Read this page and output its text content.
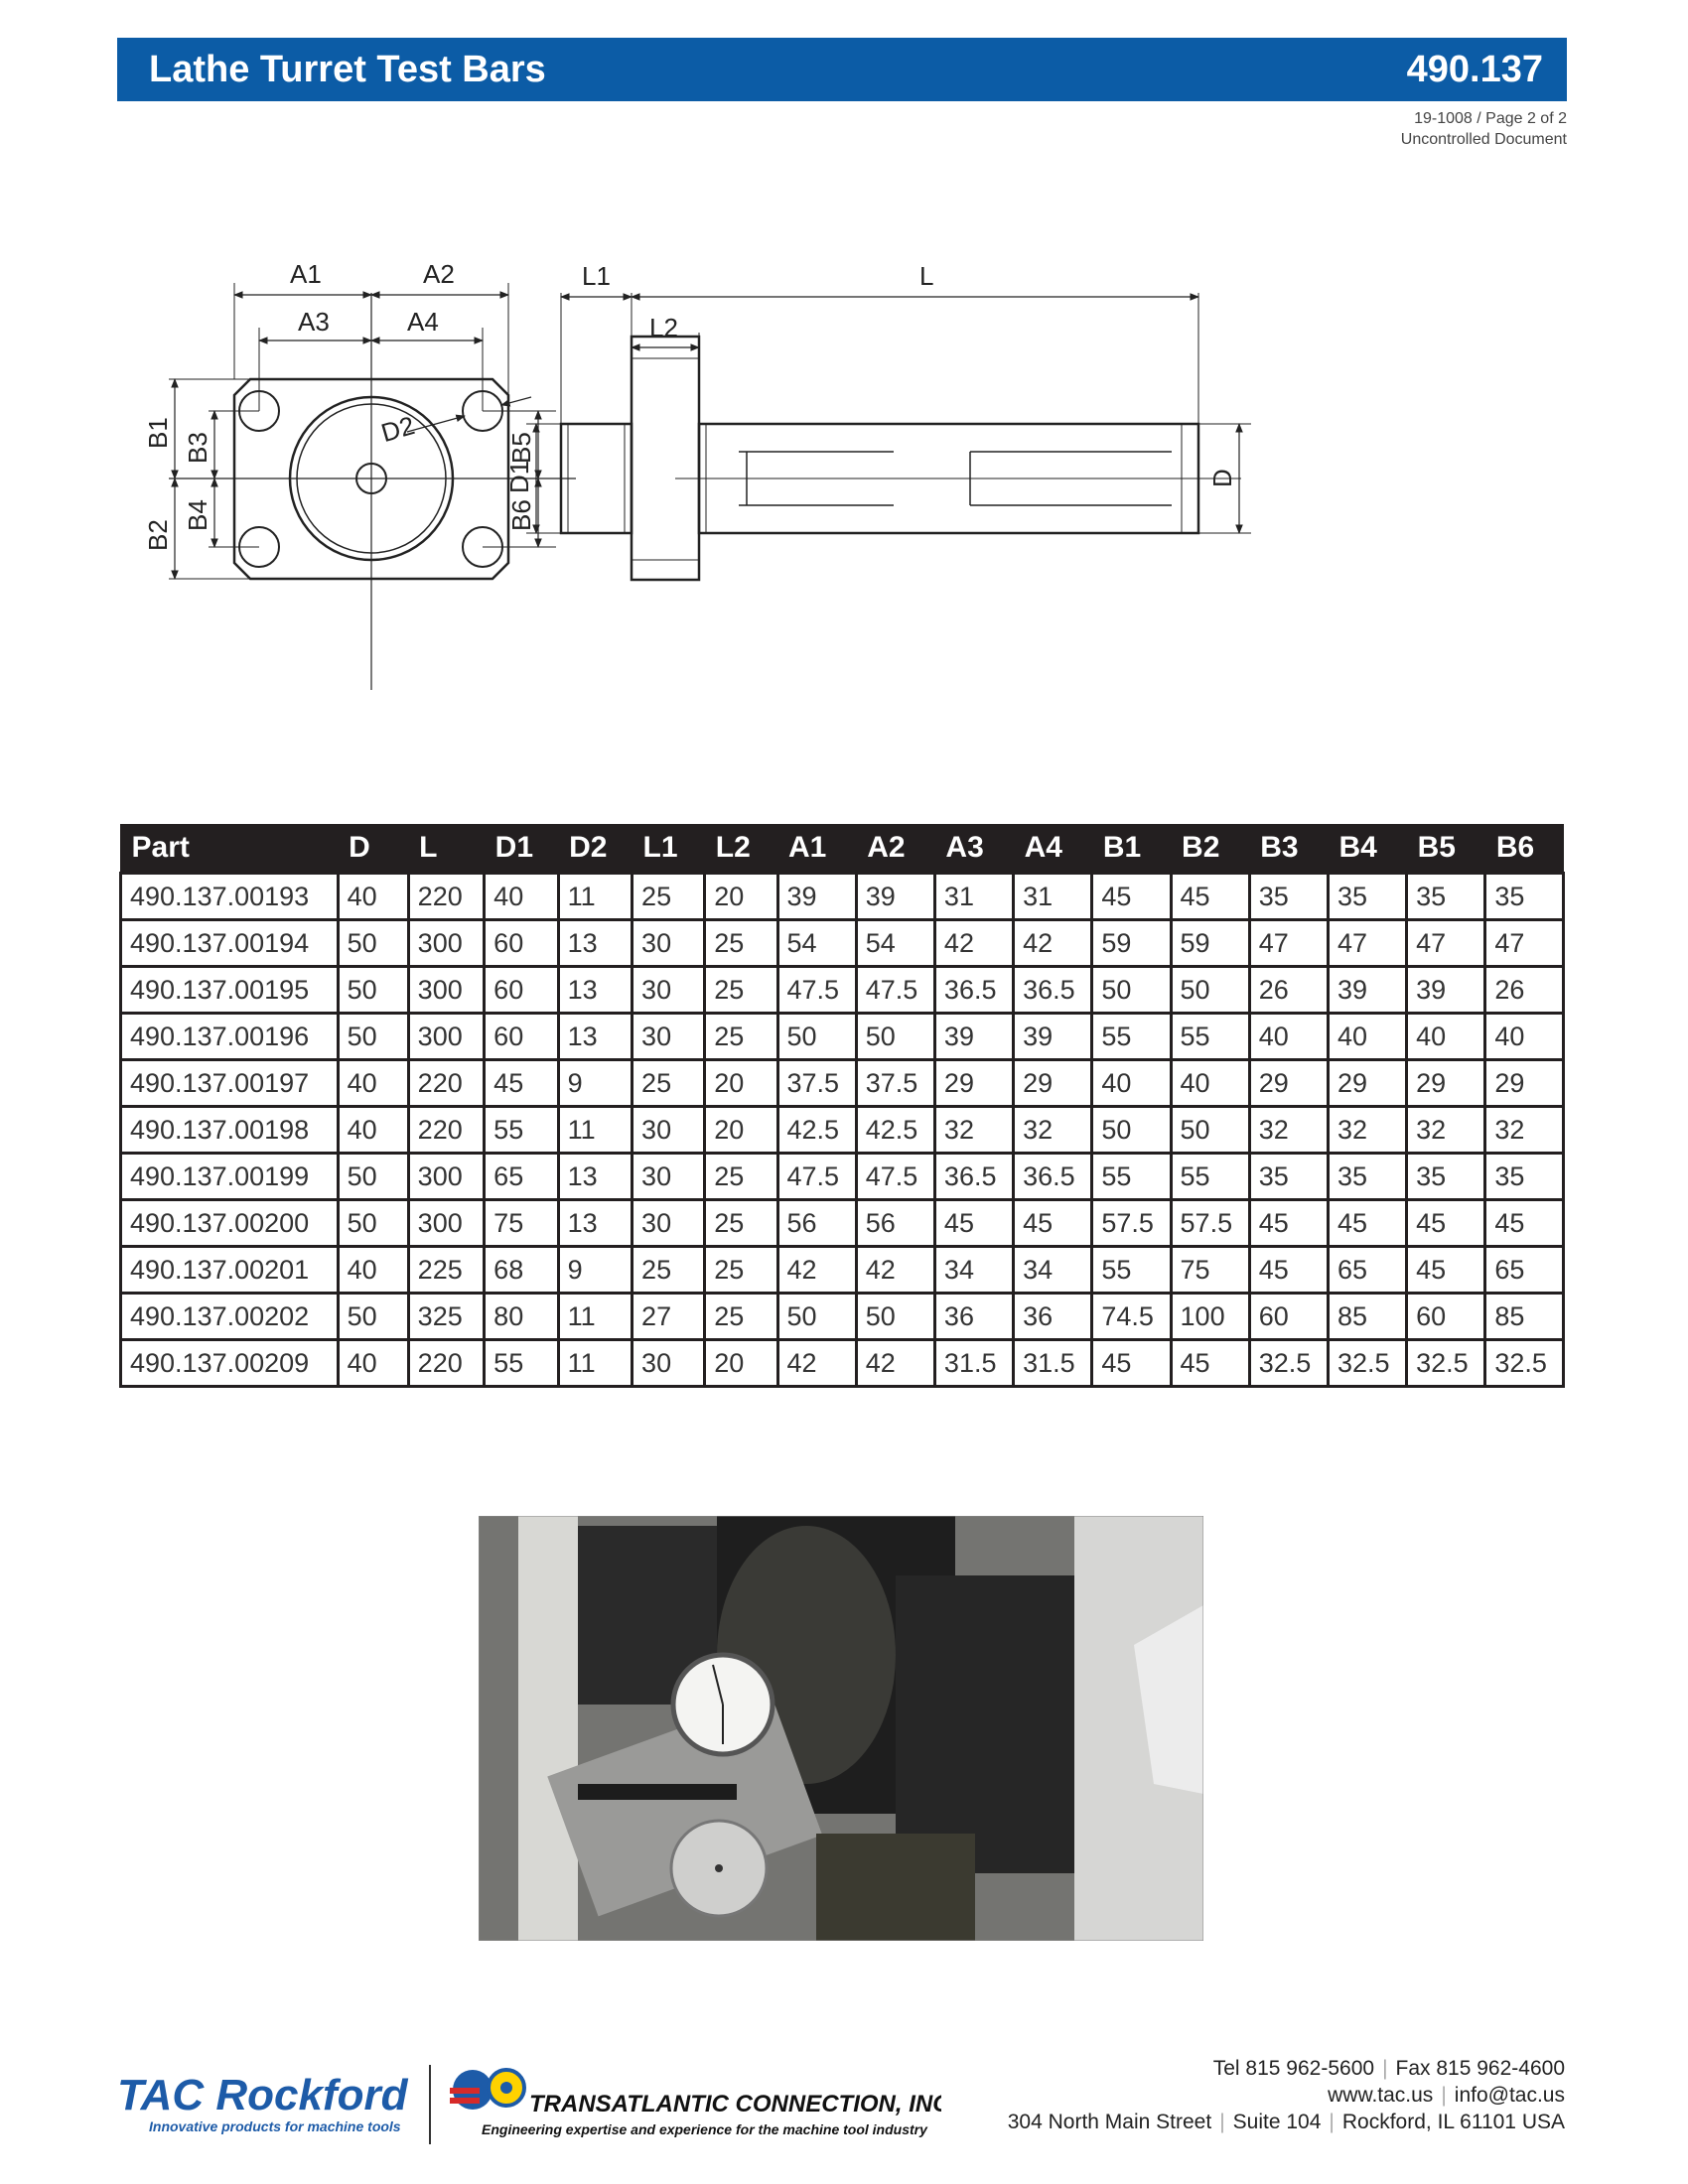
Lathe Turret Test Bars	490.137
19-1008 / Page 2 of 2
Uncontrolled Document
A1	A2
A3	A4
D2
B1
B2
B3
B4
B5
B6
L1	L
L2
D1	D
Part	D	L	D1	D2	L1	L2	A1	A2	A3	A4	B1	B2	B3	B4	B5	B6
490.137.00193	40	220	40	11	25	20	39	39	31	31	45	45	35	35	35	35
490.137.00194	50	300	60	13	30	25	54	54	42	42	59	59	47	47	47	47
490.137.00195	50	300	60	13	30	25	47.5	47.5	36.5	36.5	50	50	26	39	39	26
490.137.00196	50	300	60	13	30	25	50	50	39	39	55	55	40	40	40	40
490.137.00197	40	220	45	9	25	20	37.5	37.5	29	29	40	40	29	29	29	29
490.137.00198	40	220	55	11	30	20	42.5	42.5	32	32	50	50	32	32	32	32
490.137.00199	50	300	65	13	30	25	47.5	47.5	36.5	36.5	55	55	35	35	35	35
490.137.00200	50	300	75	13	30	25	56	56	45	45	57.5	57.5	45	45	45	45
490.137.00201	40	225	68	9	25	25	42	42	34	34	55	75	45	65	45	65
490.137.00202	50	325	80	11	27	25	50	50	36	36	74.5	100	60	85	60	85
490.137.00209	40	220	55	11	30	20	42	42	31.5	31.5	45	45	32.5	32.5	32.5	32.5
TAC Rockford
Innovative products for machine tools
TRANSATLANTIC CONNECTION, INC.
Engineering expertise and experience for the machine tool industry
Tel 815 962-5600 | Fax 815 962-4600
www.tac.us | info@tac.us
304 North Main Street | Suite 104 | Rockford, IL 61101 USA
